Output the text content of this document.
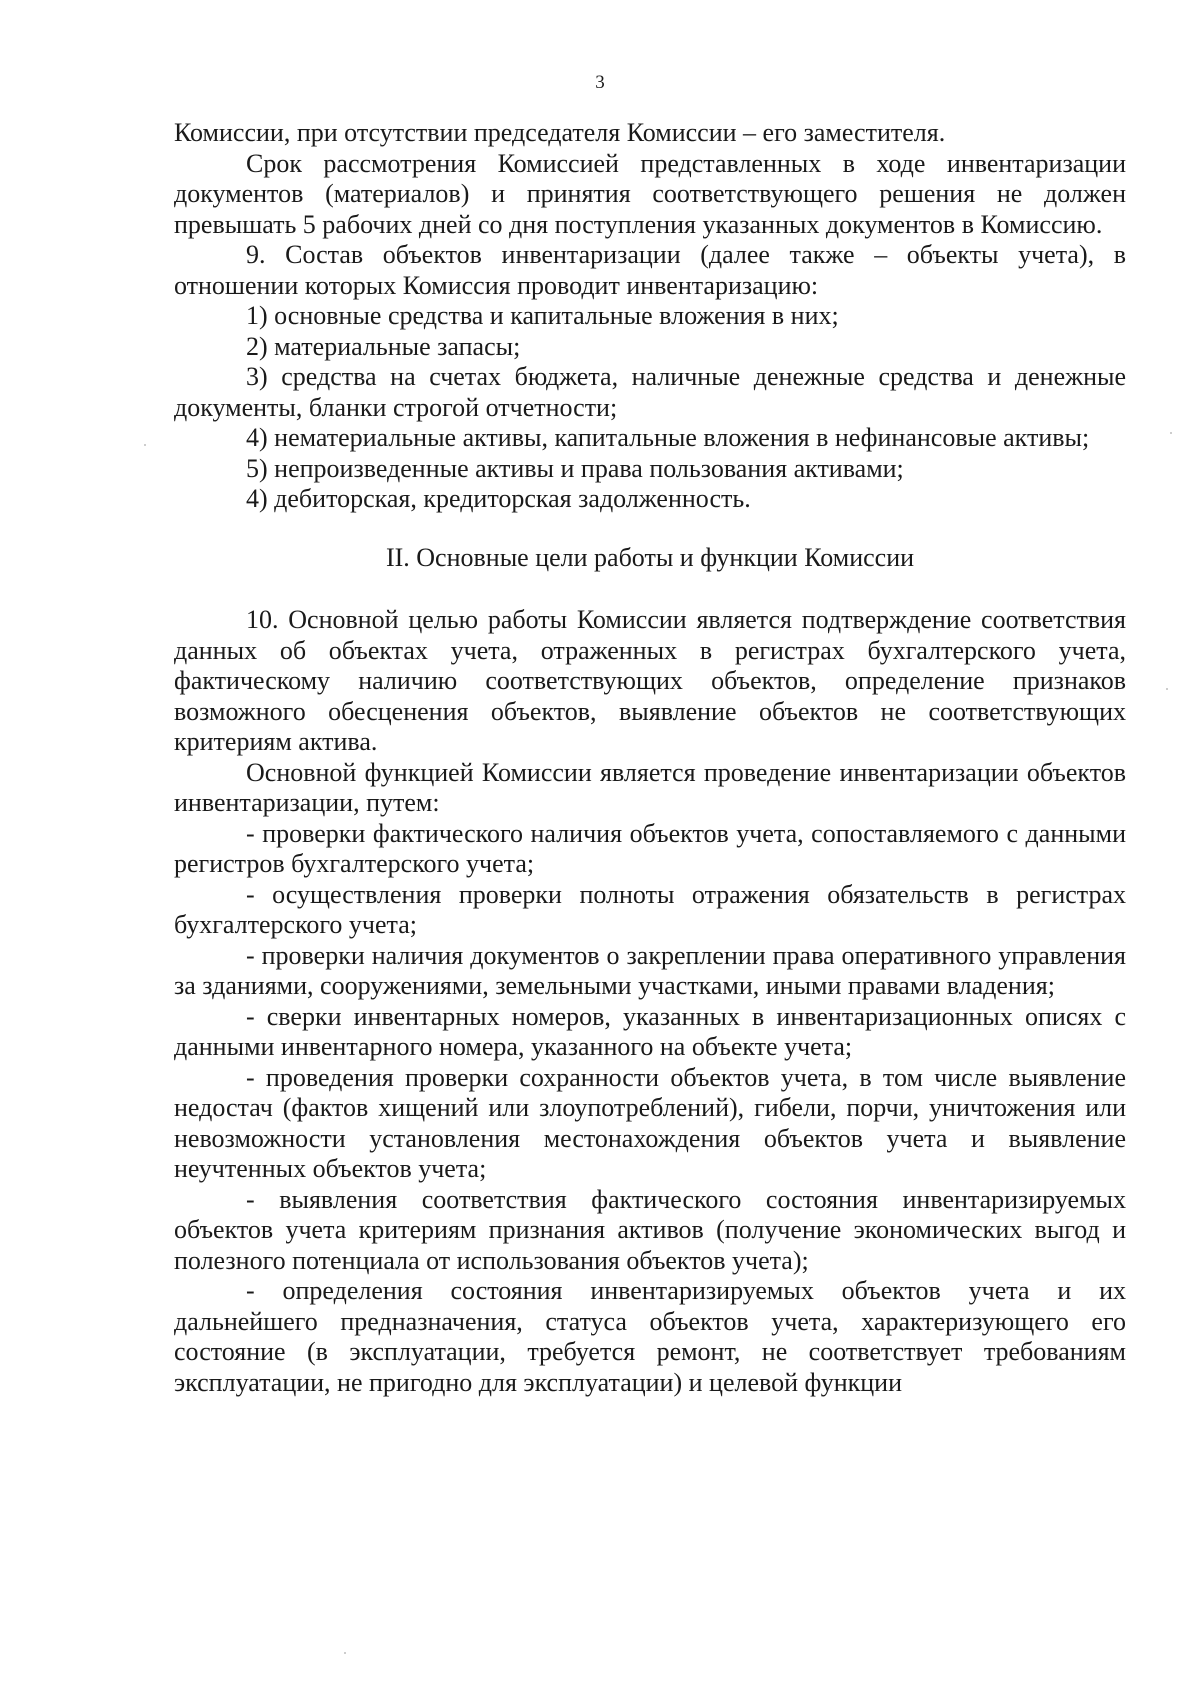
3

Комиссии, при отсутствии председателя Комиссии – его заместителя.

Срок рассмотрения Комиссией представленных в ходе инвентаризации документов (материалов) и принятия соответствующего решения не должен превышать 5 рабочих дней со дня поступления указанных документов в Комиссию.

9. Состав объектов инвентаризации (далее также – объекты учета), в отношении которых Комиссия проводит инвентаризацию:

1) основные средства и капитальные вложения в них;

2) материальные запасы;

3) средства на счетах бюджета, наличные денежные средства и денежные документы, бланки строгой отчетности;

4) нематериальные активы, капитальные вложения в нефинансовые активы;

5) непроизведенные активы и права пользования активами;

4) дебиторская, кредиторская задолженность.

II. Основные цели работы и функции Комиссии

10. Основной целью работы Комиссии является подтверждение соответствия данных об объектах учета, отраженных в регистрах бухгалтерского учета, фактическому наличию соответствующих объектов, определение признаков возможного обесценения объектов, выявление объектов не соответствующих критериям актива.

Основной функцией Комиссии является проведение инвентаризации объектов инвентаризации, путем:

- проверки фактического наличия объектов учета, сопоставляемого с данными регистров бухгалтерского учета;

- осуществления проверки полноты отражения обязательств в регистрах бухгалтерского учета;

- проверки наличия документов о закреплении права оперативного управления за зданиями, сооружениями, земельными участками, иными правами владения;

- сверки инвентарных номеров, указанных в инвентаризационных описях с данными инвентарного номера, указанного на объекте учета;

- проведения проверки сохранности объектов учета, в том числе выявление недостач (фактов хищений или злоупотреблений), гибели, порчи, уничтожения или невозможности установления местонахождения объектов учета и выявление неучтенных объектов учета;

- выявления соответствия фактического состояния инвентаризируемых объектов учета критериям признания активов (получение экономических выгод и полезного потенциала от использования объектов учета);

- определения состояния инвентаризируемых объектов учета и их дальнейшего предназначения, статуса объектов учета, характеризующего его состояние (в эксплуатации, требуется ремонт, не соответствует требованиям эксплуатации, не пригодно для эксплуатации) и целевой функции
